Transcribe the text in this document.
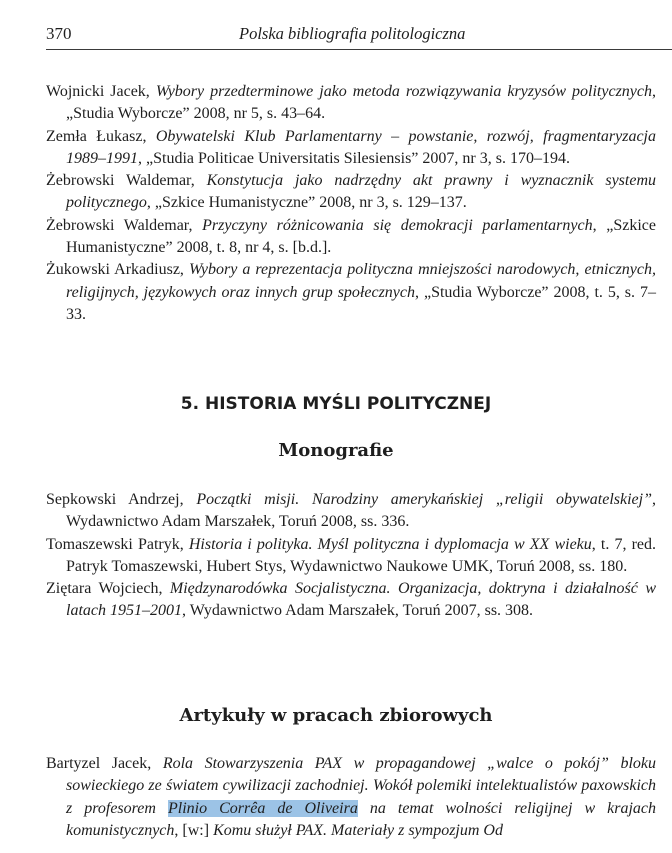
370	Polska bibliografia politologiczna

Wojnicki Jacek, Wybory przedterminowe jako metoda rozwiązywania kryzysów politycznych, „Studia Wyborcze” 2008, nr 5, s. 43–64.

Zemła Łukasz, Obywatelski Klub Parlamentarny – powstanie, rozwój, fragmentaryzacja 1989–1991, „Studia Politicae Universitatis Silesiensis” 2007, nr 3, s. 170–194.

Żebrowski Waldemar, Konstytucja jako nadrzędny akt prawny i wyznacznik systemu politycznego, „Szkice Humanistyczne” 2008, nr 3, s. 129–137.

Żebrowski Waldemar, Przyczyny różnicowania się demokracji parlamentarnych, „Szkice Humanistyczne” 2008, t. 8, nr 4, s. [b.d.].

Żukowski Arkadiusz, Wybory a reprezentacja polityczna mniejszości narodowych, etnicznych, religijnych, językowych oraz innych grup społecznych, „Studia Wyborcze” 2008, t. 5, s. 7–33.

5. HISTORIA MYŚLI POLITYCZNEJ
Monografie

Sepkowski Andrzej, Początki misji. Narodziny amerykańskiej „religii obywatelskiej”, Wydawnictwo Adam Marszałek, Toruń 2008, ss. 336.

Tomaszewski Patryk, Historia i polityka. Myśl polityczna i dyplomacja w XX wieku, t. 7, red. Patryk Tomaszewski, Hubert Stys, Wydawnictwo Naukowe UMK, Toruń 2008, ss. 180.

Ziętara Wojciech, Międzynarodówka Socjalistyczna. Organizacja, doktryna i działalność w latach 1951–2001, Wydawnictwo Adam Marszałek, Toruń 2007, ss. 308.

Artykuły w pracach zbiorowych

Bartyzel Jacek, Rola Stowarzyszenia PAX w propagandowej „walce o pokój” bloku sowieckiego ze światem cywilizacji zachodniej. Wokół polemiki intelektualistów paxowskich z profesorem Plinio Corrêa de Oliveira na temat wolności religijnej w krajach komunistycznych, [w:] Komu służył PAX. Materiały z sympozjum Od
